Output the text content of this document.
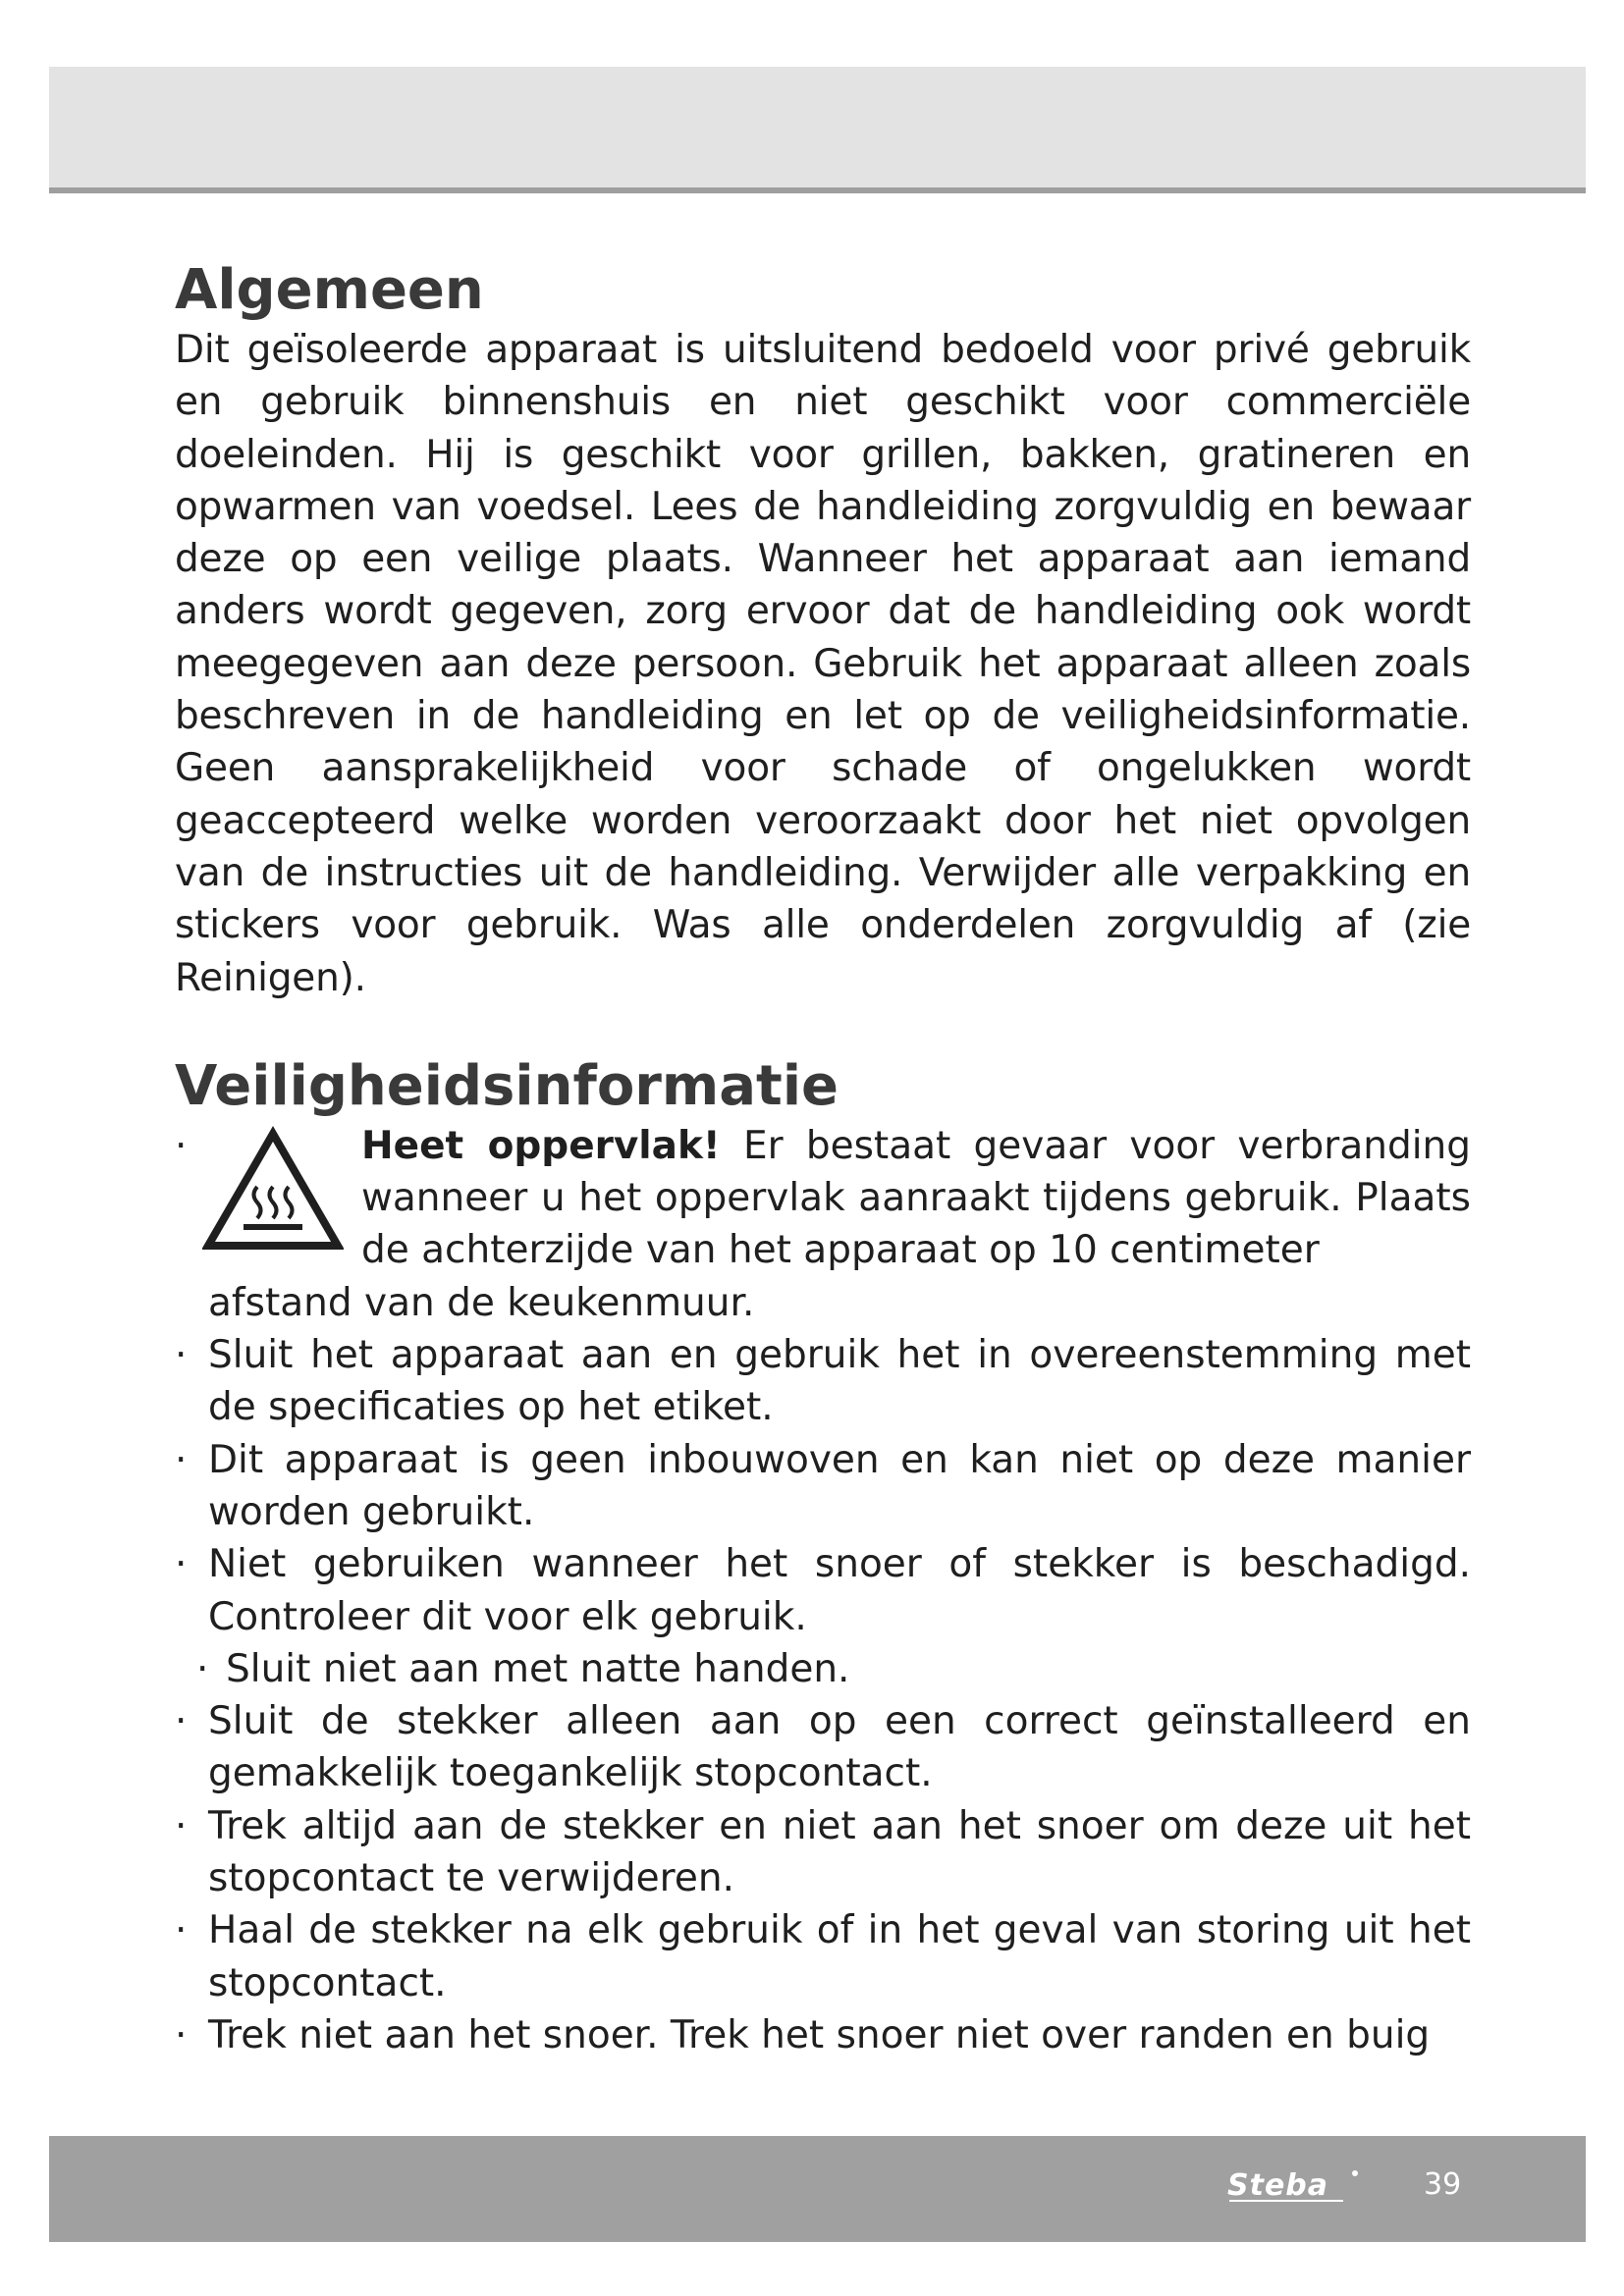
Algemeen

Dit geïsoleerde apparaat is uitsluitend bedoeld voor privé gebruik en gebruik binnenshuis en niet geschikt voor commerciële doeleinden. Hij is geschikt voor grillen, bakken, gratineren en opwarmen van voedsel. Lees de handleiding zorgvuldig en bewaar deze op een veilige plaats. Wanneer het apparaat aan iemand anders wordt gegeven, zorg ervoor dat de handleiding ook wordt meegegeven aan deze persoon. Gebruik het apparaat alleen zoals beschreven in de handleiding en let op de veiligheidsinformatie. Geen aansprakelijkheid voor schade of ongelukken wordt geaccepteerd welke worden veroorzaakt door het niet opvolgen van de instructies uit de handleiding. Verwijder alle verpakking en stickers voor gebruik. Was alle onderdelen zorgvuldig af (zie Reinigen).

Veiligheidsinformatie
·	Heet oppervlak! Er bestaat gevaar voor verbranding wanneer u het oppervlak aanraakt tijdens gebruik. Plaats de achterzijde van het apparaat op 10 centimeter
afstand van de keukenmuur.
· Sluit het apparaat aan en gebruik het in overeenstemming met de specificaties op het etiket.
· Dit apparaat is geen inbouwoven en kan niet op deze manier worden gebruikt.
· Niet gebruiken wanneer het snoer of stekker is beschadigd. Controleer dit voor elk gebruik.
· Sluit niet aan met natte handen.
· Sluit de stekker alleen aan op een correct geïnstalleerd en gemakkelijk toegankelijk stopcontact.
· Trek altijd aan de stekker en niet aan het snoer om deze uit het stopcontact te verwijderen.
· Haal de stekker na elk gebruik of in het geval van storing uit het stopcontact.
· Trek niet aan het snoer. Trek het snoer niet over randen en buig
Steba	39
